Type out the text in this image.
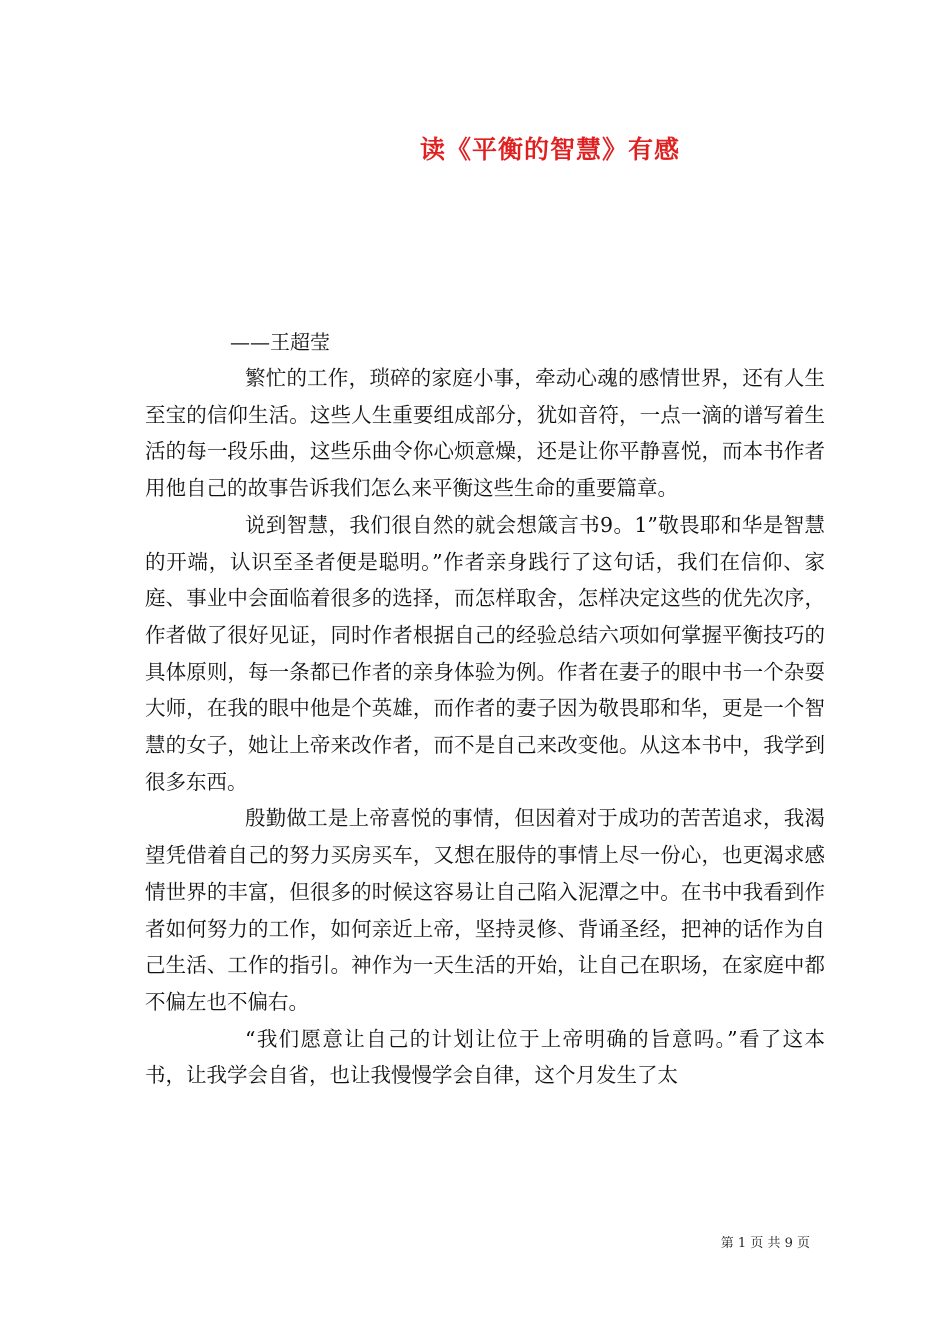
读《平衡的智慧》有感
——王超莹

繁忙的工作，琐碎的家庭小事，牵动心魂的感情世界，还有人生至宝的信仰生活。这些人生重要组成部分，犹如音符，一点一滴的谱写着生活的每一段乐曲，这些乐曲令你心烦意燥，还是让你平静喜悦，而本书作者用他自己的故事告诉我们怎么来平衡这些生命的重要篇章。

说到智慧，我们很自然的就会想箴言书9。1”敬畏耶和华是智慧的开端，认识至圣者便是聪明。”作者亲身践行了这句话，我们在信仰、家庭、事业中会面临着很多的选择，而怎样取舍，怎样决定这些的优先次序，作者做了很好见证，同时作者根据自己的经验总结六项如何掌握平衡技巧的具体原则，每一条都已作者的亲身体验为例。作者在妻子的眼中书一个杂耍大师，在我的眼中他是个英雄，而作者的妻子因为敬畏耶和华，更是一个智慧的女子，她让上帝来改作者，而不是自己来改变他。从这本书中，我学到很多东西。

殷勤做工是上帝喜悦的事情，但因着对于成功的苦苦追求，我渴望凭借着自己的努力买房买车，又想在服侍的事情上尽一份心，也更渴求感情世界的丰富，但很多的时候这容易让自己陷入泥潭之中。在书中我看到作者如何努力的工作，如何亲近上帝，坚持灵修、背诵圣经，把神的话作为自己生活、工作的指引。神作为一天生活的开始，让自己在职场，在家庭中都不偏左也不偏右。

“我们愿意让自己的计划让位于上帝明确的旨意吗。”看了这本书，让我学会自省，也让我慢慢学会自律，这个月发生了太

第 1 页 共 9 页
